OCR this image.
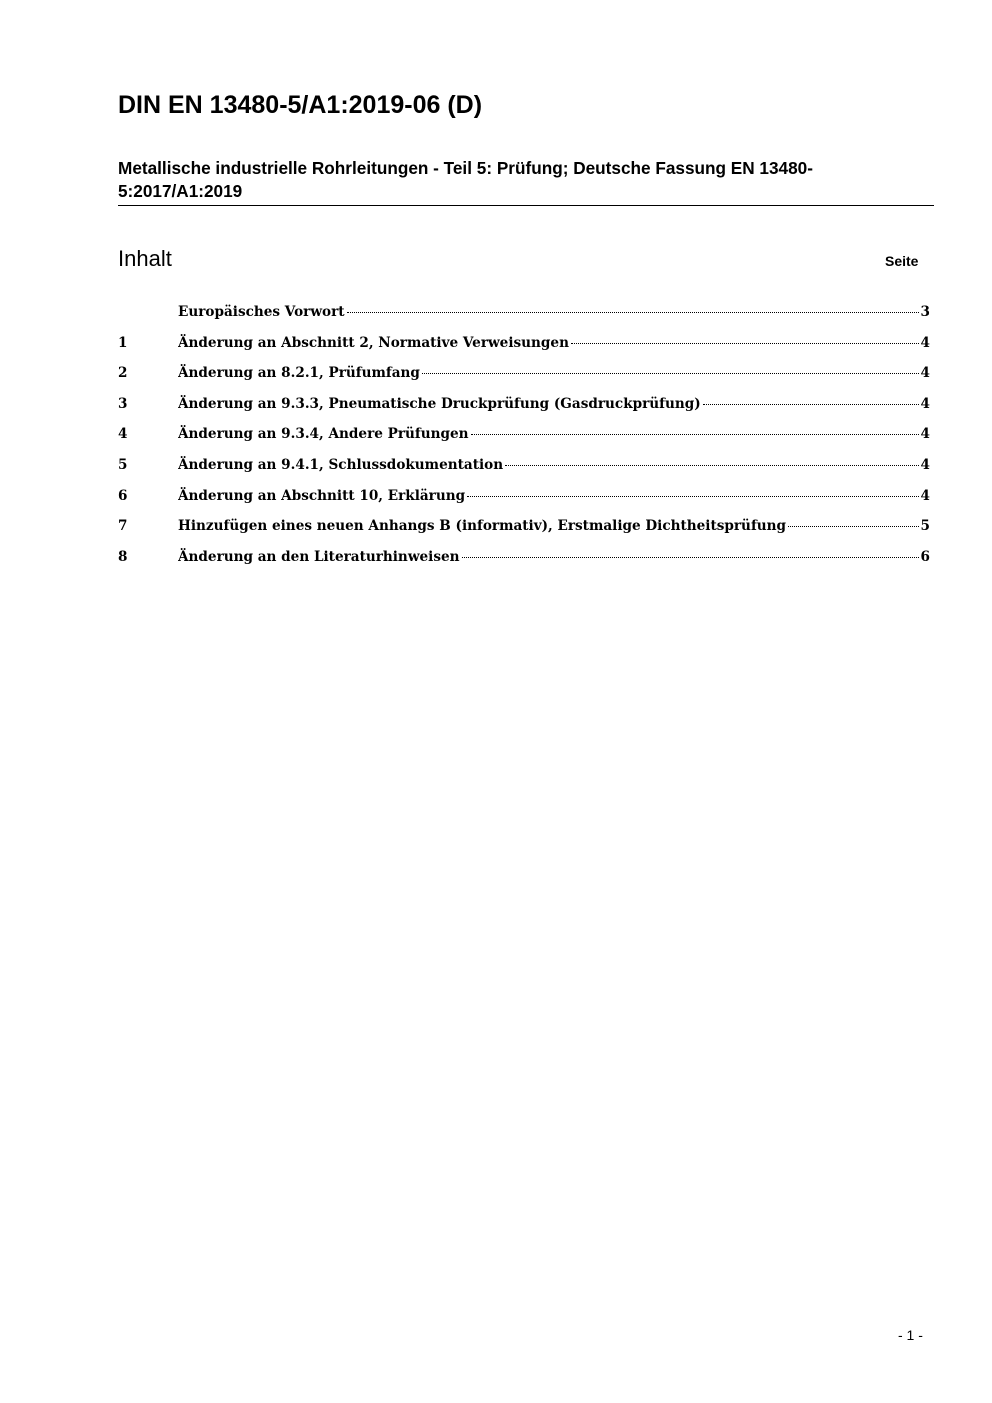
DIN EN 13480-5/A1:2019-06 (D)
Metallische industrielle Rohrleitungen - Teil 5: Prüfung; Deutsche Fassung EN 13480-5:2017/A1:2019
Inhalt	Seite
Europäisches Vorwort	3
1	Änderung an Abschnitt 2, Normative Verweisungen	4
2	Änderung an 8.2.1, Prüfumfang	4
3	Änderung an 9.3.3, Pneumatische Druckprüfung (Gasdruckprüfung)	4
4	Änderung an 9.3.4, Andere Prüfungen	4
5	Änderung an 9.4.1, Schlussdokumentation	4
6	Änderung an Abschnitt 10, Erklärung	4
7	Hinzufügen eines neuen Anhangs B (informativ), Erstmalige Dichtheitsprüfung	5
8	Änderung an den Literaturhinweisen	6
- 1 -
